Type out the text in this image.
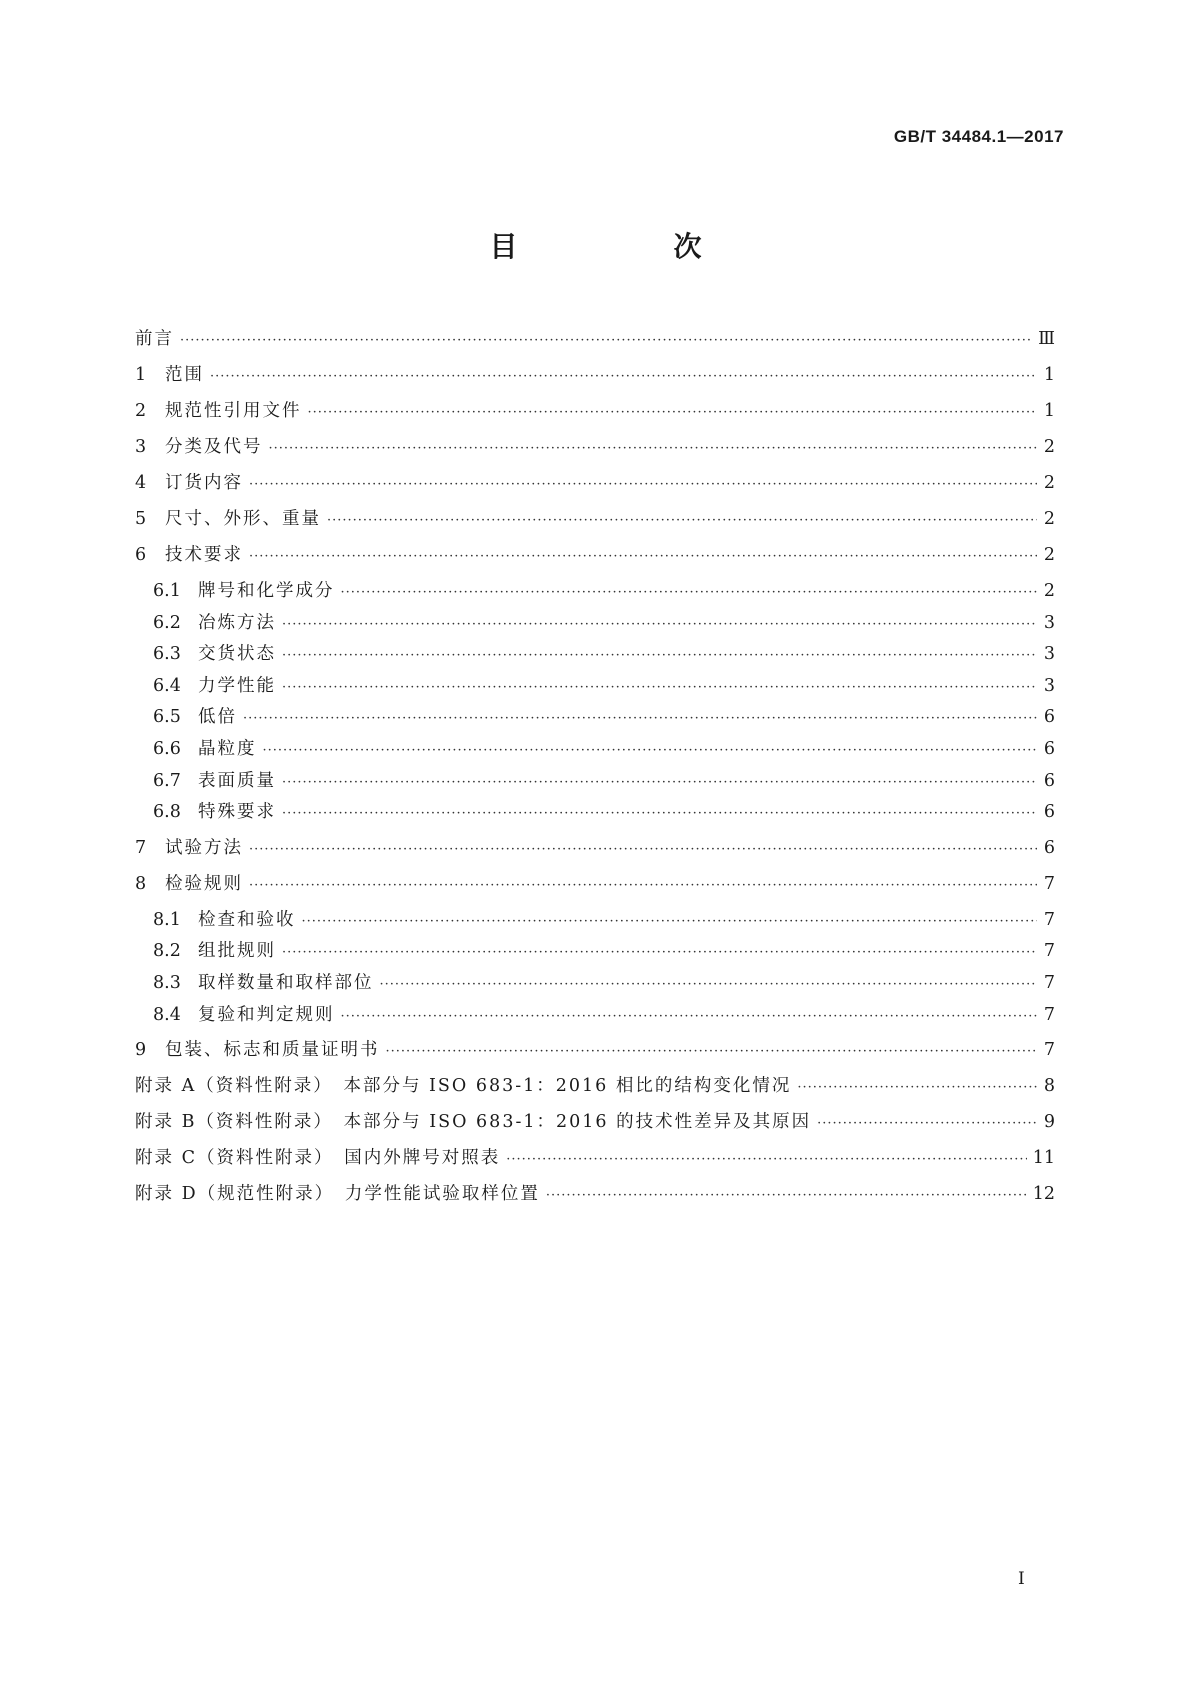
GB/T 34484.1—2017
目　次
前言 ·····	Ⅲ
1 范围 ·····	1
2 规范性引用文件 ·····	1
3 分类及代号 ·····	2
4 订货内容 ·····	2
5 尺寸、外形、重量 ·····	2
6 技术要求 ·····	2
6.1 牌号和化学成分 ·····	2
6.2 冶炼方法 ·····	3
6.3 交货状态 ·····	3
6.4 力学性能 ·····	3
6.5 低倍 ·····	6
6.6 晶粒度 ·····	6
6.7 表面质量 ·····	6
6.8 特殊要求 ·····	6
7 试验方法 ·····	6
8 检验规则 ·····	7
8.1 检查和验收 ·····	7
8.2 组批规则 ·····	7
8.3 取样数量和取样部位 ·····	7
8.4 复验和判定规则 ·····	7
9 包装、标志和质量证明书 ·····	7
附录 A（资料性附录）　本部分与 ISO 683-1：2016 相比的结构变化情况 ·····	8
附录 B（资料性附录）　本部分与 ISO 683-1：2016 的技术性差异及其原因 ·····	9
附录 C（资料性附录）　国内外牌号对照表 ·····	11
附录 D（规范性附录）　力学性能试验取样位置 ·····	12
I
